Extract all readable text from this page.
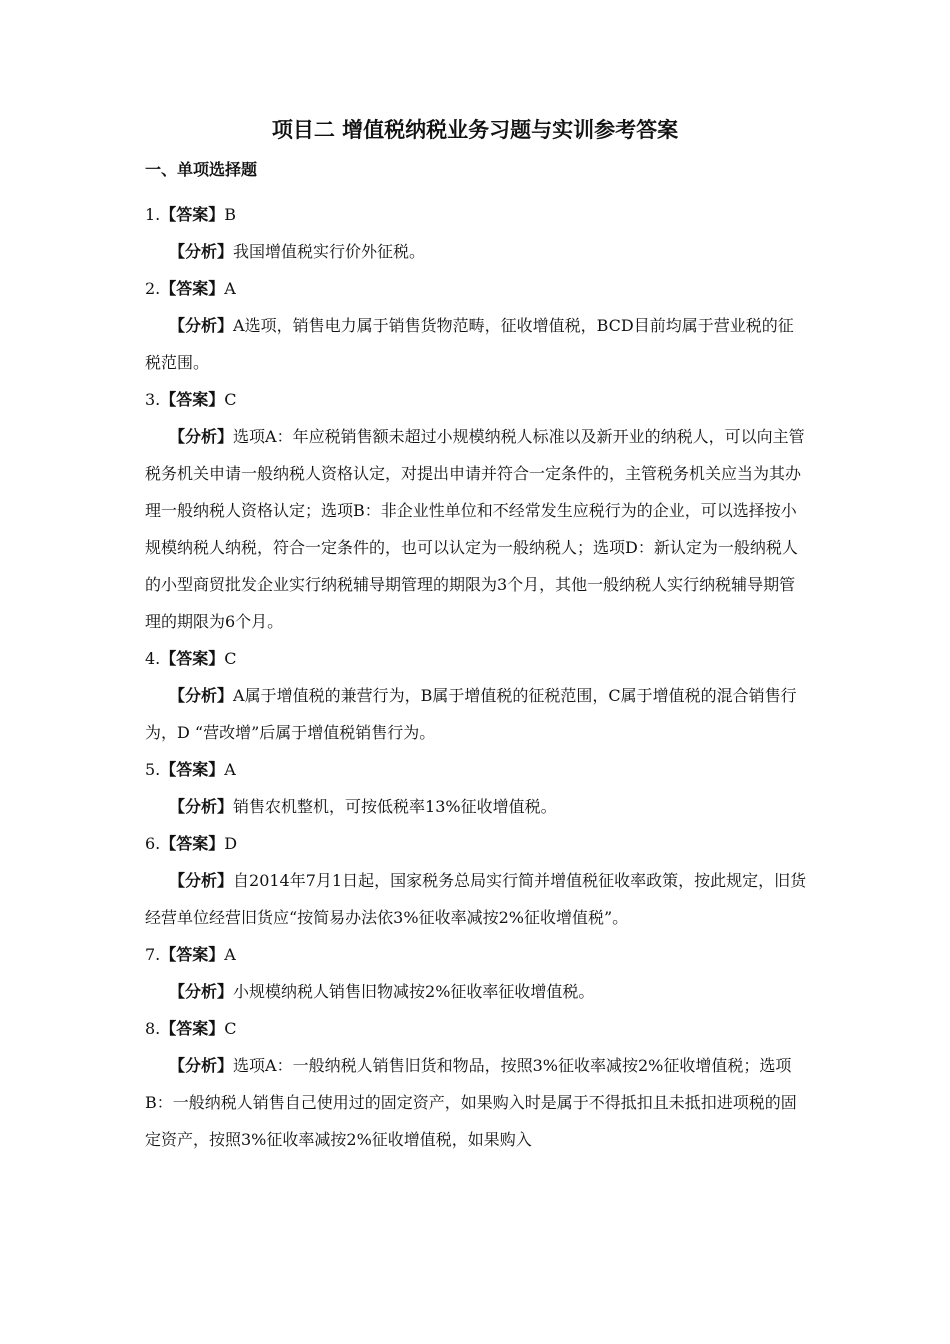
项目二 增值税纳税业务习题与实训参考答案
一、单项选择题
1.【答案】B

【分析】我国增值税实行价外征税。

2.【答案】A

【分析】A选项，销售电力属于销售货物范畴，征收增值税，BCD目前均属于营业税的征税范围。

3.【答案】C

【分析】选项A：年应税销售额未超过小规模纳税人标准以及新开业的纳税人，可以向主管税务机关申请一般纳税人资格认定，对提出申请并符合一定条件的，主管税务机关应当为其办理一般纳税人资格认定；选项B：非企业性单位和不经常发生应税行为的企业，可以选择按小规模纳税人纳税，符合一定条件的，也可以认定为一般纳税人；选项D：新认定为一般纳税人的小型商贸批发企业实行纳税辅导期管理的期限为3个月，其他一般纳税人实行纳税辅导期管理的期限为6个月。

4.【答案】C

【分析】A属于增值税的兼营行为，B属于增值税的征税范围，C属于增值税的混合销售行为，D “营改增”后属于增值税销售行为。

5.【答案】A

【分析】销售农机整机，可按低税率13%征收增值税。

6.【答案】D

【分析】自2014年7月1日起，国家税务总局实行简并增值税征收率政策，按此规定，旧货经营单位经营旧货应“按简易办法依3%征收率减按2%征收增值税”。

7.【答案】A

【分析】小规模纳税人销售旧物减按2%征收率征收增值税。

8.【答案】C

【分析】选项A：一般纳税人销售旧货和物品，按照3%征收率减按2%征收增值税；选项B：一般纳税人销售自己使用过的固定资产，如果购入时是属于不得抵扣且未抵扣进项税的固定资产，按照3%征收率减按2%征收增值税，如果购入
